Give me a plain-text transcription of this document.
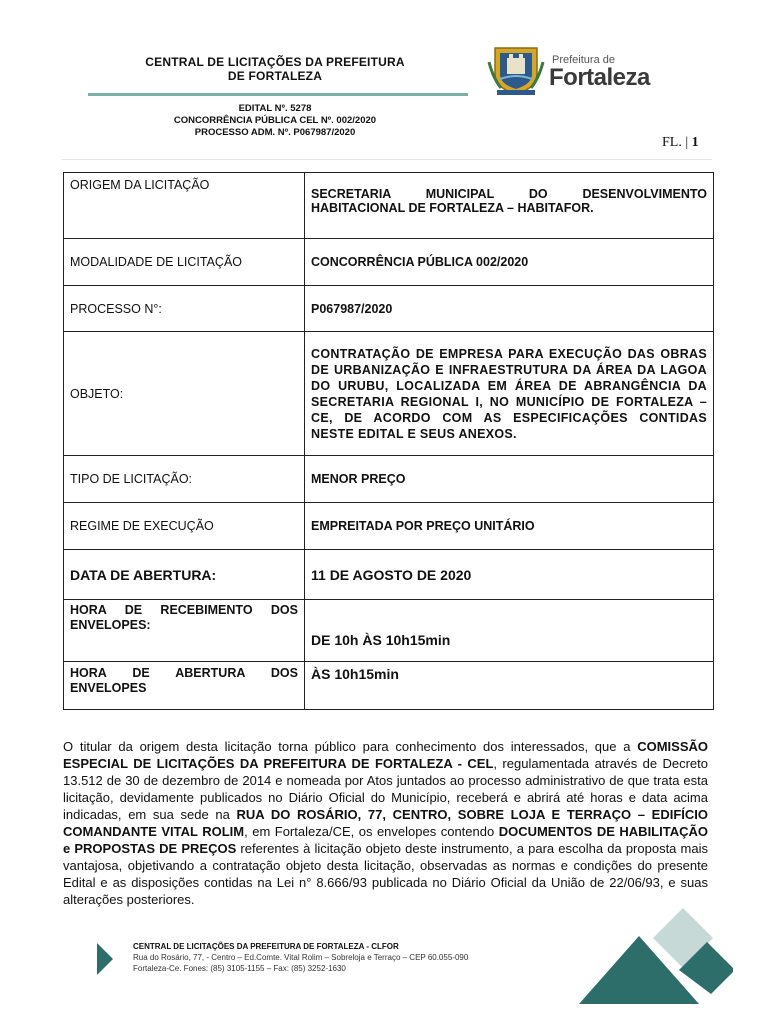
CENTRAL DE LICITAÇÕES DA PREFEITURA
DE FORTALEZA
Prefeitura de
Fortaleza
EDITAL Nº. 5278
CONCORRÊNCIA PÚBLICA CEL Nº. 002/2020
PROCESSO ADM. Nº. P067987/2020
FL. | 1
ORIGEM DA LICITAÇÃO	SECRETARIA MUNICIPAL DO DESENVOLVIMENTO
HABITACIONAL DE FORTALEZA – HABITAFOR.

MODALIDADE DE LICITAÇÃO	CONCORRÊNCIA PÚBLICA 002/2020
PROCESSO N°:	P067987/2020
OBJETO:	CONTRATAÇÃO DE EMPRESA PARA EXECUÇÃO DAS OBRAS DE URBANIZAÇÃO E INFRAESTRUTURA DA ÁREA DA LAGOA DO URUBU, LOCALIZADA EM ÁREA DE ABRANGÊNCIA DA SECRETARIA REGIONAL I, NO MUNICÍPIO DE FORTALEZA – CE, DE ACORDO COM AS ESPECIFICAÇÕES CONTIDAS NESTE EDITAL E SEUS ANEXOS.
TIPO DE LICITAÇÃO:	MENOR PREÇO
REGIME DE EXECUÇÃO	EMPREITADA POR PREÇO UNITÁRIO
DATA DE ABERTURA:	11 DE AGOSTO DE 2020

HORA DE RECEBIMENTO DOS
ENVELOPES:	DE 10h ÀS 10h15min

HORA DE ABERTURA DOS
ENVELOPES	ÀS 10h15min
O titular da origem desta licitação torna público para conhecimento dos interessados, que a COMISSÃO ESPECIAL DE LICITAÇÕES DA PREFEITURA DE FORTALEZA - CEL, regulamentada através de Decreto 13.512 de 30 de dezembro de 2014 e nomeada por Atos juntados ao processo administrativo de que trata esta licitação, devidamente publicados no Diário Oficial do Município, receberá e abrirá até horas e data acima indicadas, em sua sede na RUA DO ROSÁRIO, 77, CENTRO, SOBRE LOJA E TERRAÇO – EDIFÍCIO COMANDANTE VITAL ROLIM, em Fortaleza/CE, os envelopes contendo DOCUMENTOS DE HABILITAÇÃO e PROPOSTAS DE PREÇOS referentes à licitação objeto deste instrumento, a para escolha da proposta mais vantajosa, objetivando a contratação objeto desta licitação, observadas as normas e condições do presente Edital e as disposições contidas na Lei n° 8.666/93 publicada no Diário Oficial da União de 22/06/93, e suas alterações posteriores.
CENTRAL DE LICITAÇÕES DA PREFEITURA DE FORTALEZA - CLFOR
Rua do Rosário, 77, - Centro – Ed.Comte. Vital Rolim – Sobreloja e Terraço – CEP 60.055-090
Fortaleza-Ce. Fones: (85) 3105-1155 – Fax: (85) 3252-1630
